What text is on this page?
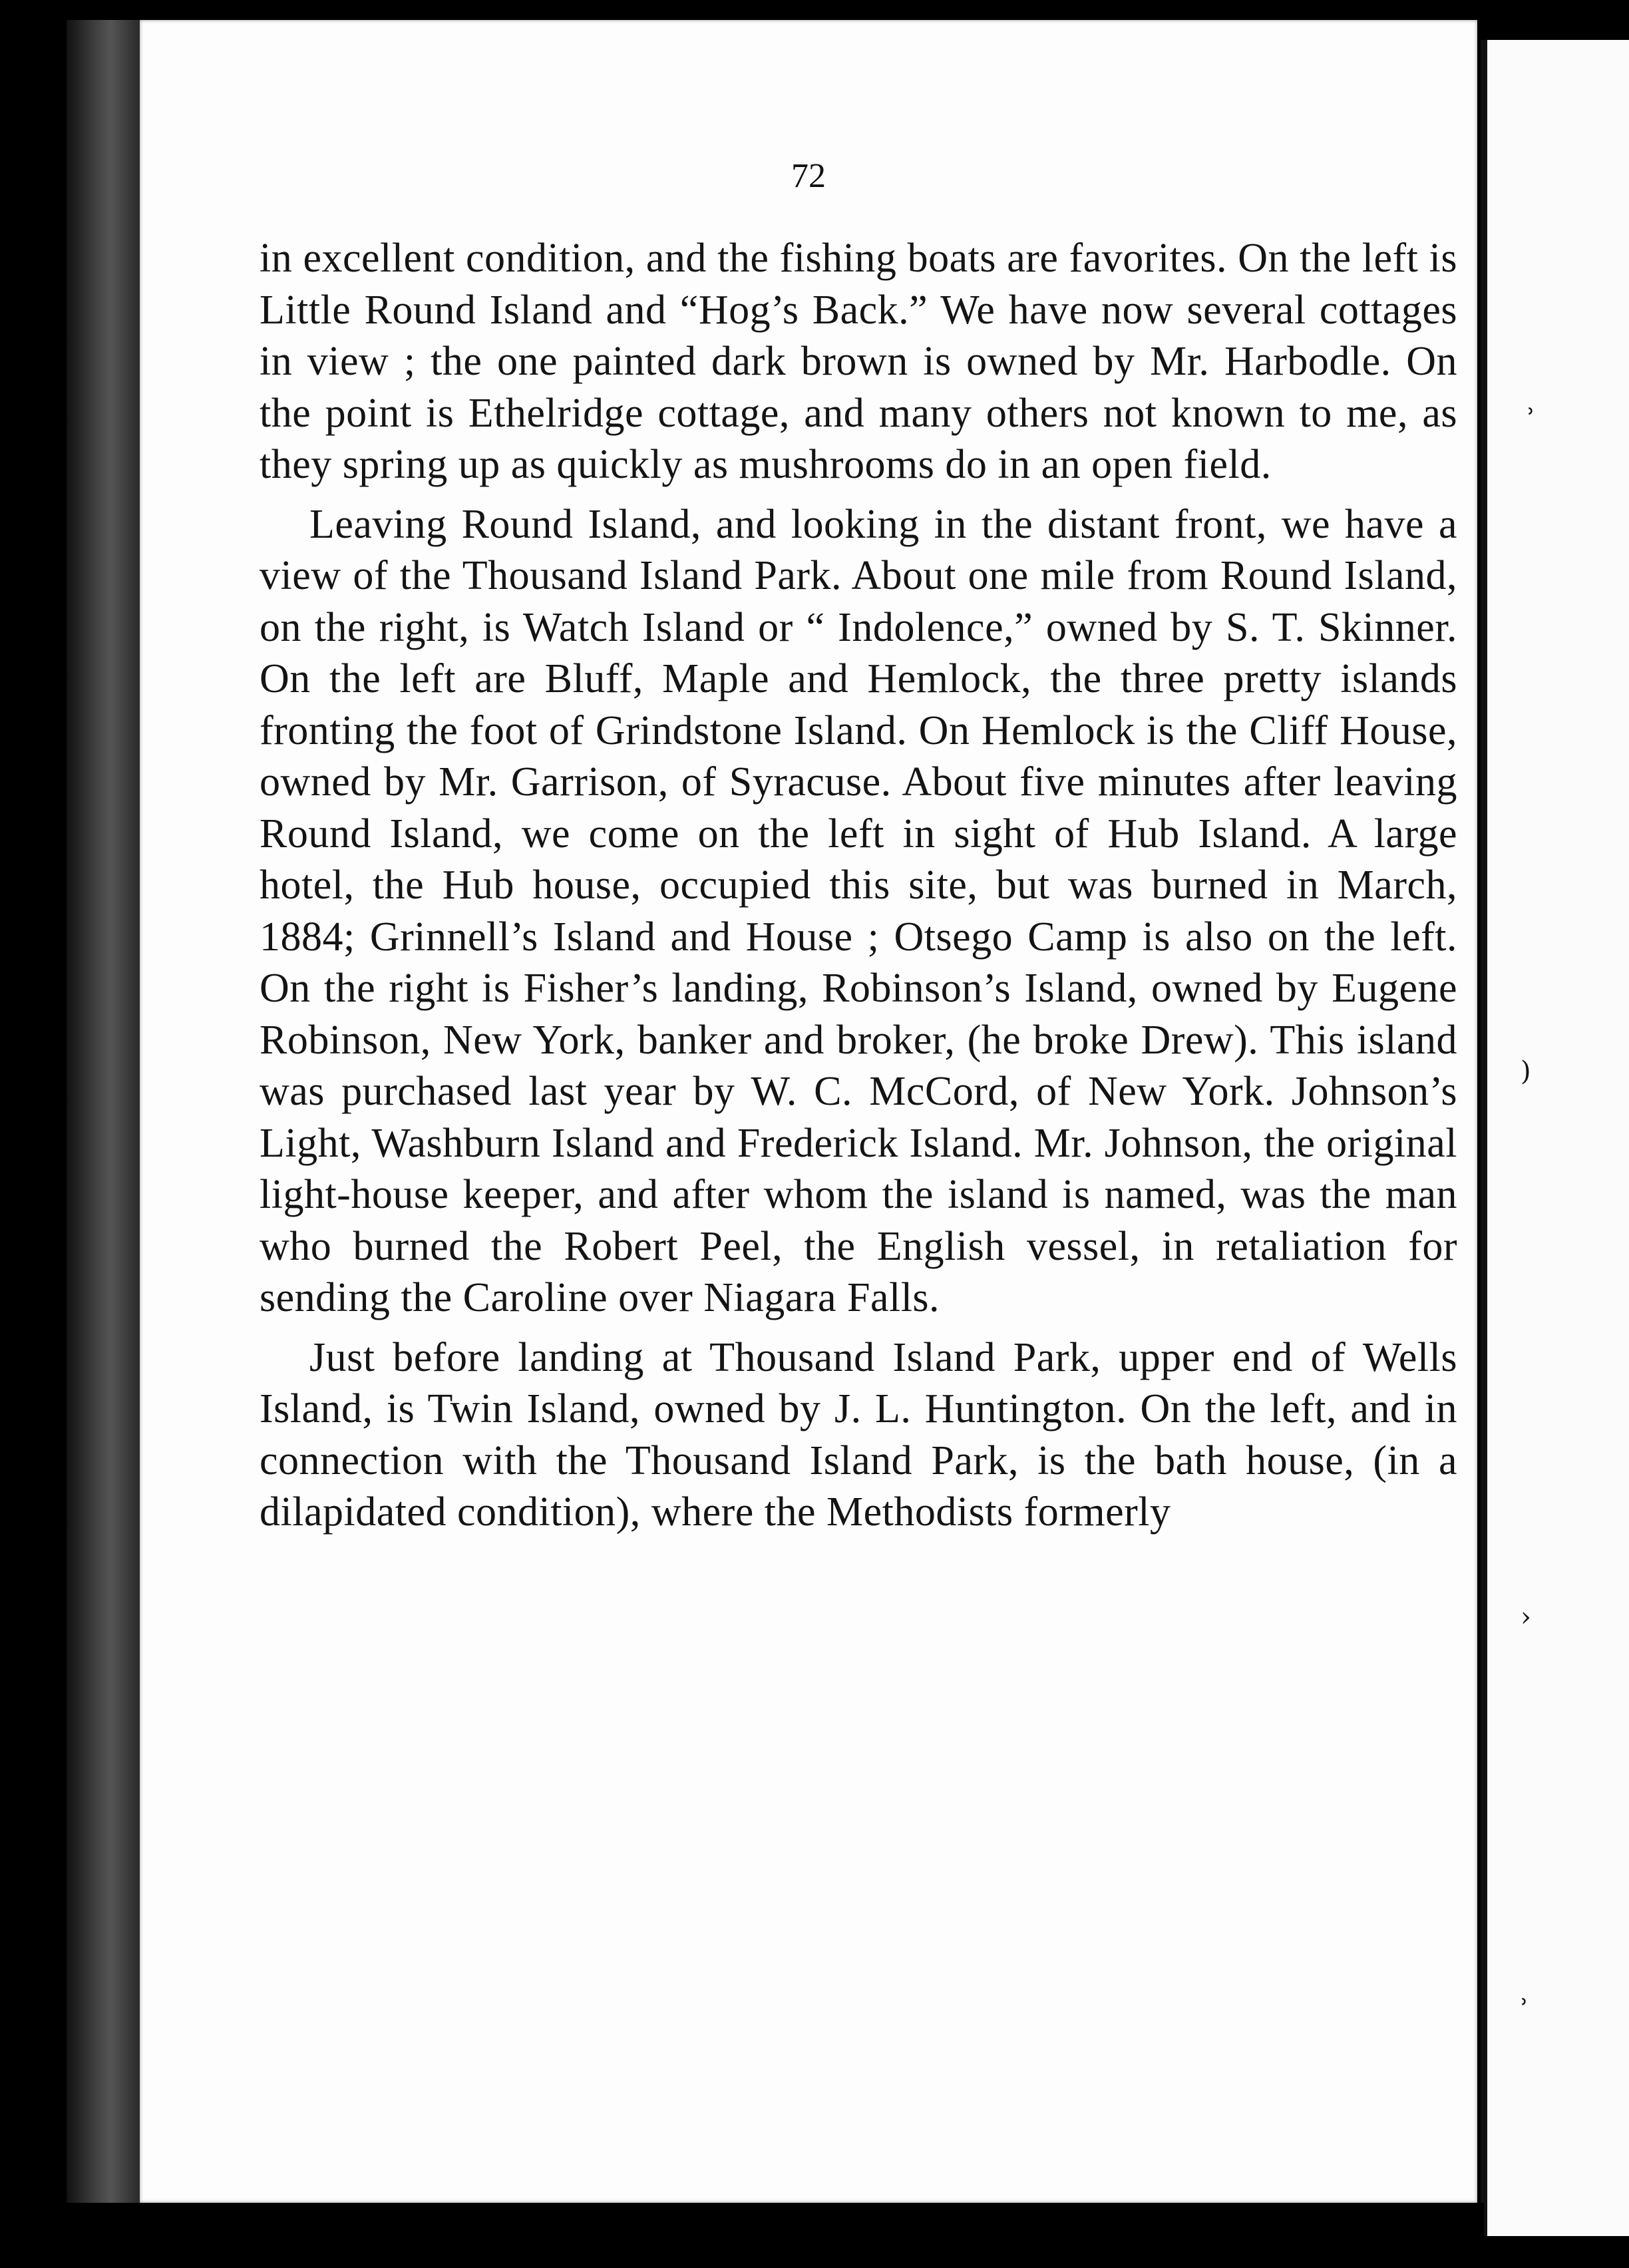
72

in excellent condition, and the fishing boats are favorites. On the left is Little Round Island and “Hog’s Back.” We have now several cottages in view ; the one painted dark brown is owned by Mr. Harbodle. On the point is Ethelridge cottage, and many others not known to me, as they spring up as quickly as mushrooms do in an open field.

Leaving Round Island, and looking in the distant front, we have a view of the Thousand Island Park. About one mile from Round Island, on the right, is Watch Island or “ Indolence,” owned by S. T. Skinner. On the left are Bluff, Maple and Hemlock, the three pretty islands fronting the foot of Grindstone Island. On Hemlock is the Cliff House, owned by Mr. Garrison, of Syracuse. About five minutes after leaving Round Island, we come on the left in sight of Hub Island. A large hotel, the Hub house, occupied this site, but was burned in March, 1884; Grinnell’s Island and House ; Otsego Camp is also on the left. On the right is Fisher’s landing, Robinson’s Island, owned by Eugene Robinson, New York, banker and broker, (he broke Drew). This island was purchased last year by W. C. McCord, of New York. Johnson’s Light, Washburn Island and Frederick Island. Mr. Johnson, the original light-house keeper, and after whom the island is named, was the man who burned the Robert Peel, the English vessel, in retaliation for sending the Caroline over Niagara Falls.

Just before landing at Thousand Island Park, upper end of Wells Island, is Twin Island, owned by J. L. Huntington. On the left, and in connection with the Thousand Island Park, is the bath house, (in a dilapidated condition), where the Methodists formerly

˒
)
›
˒
